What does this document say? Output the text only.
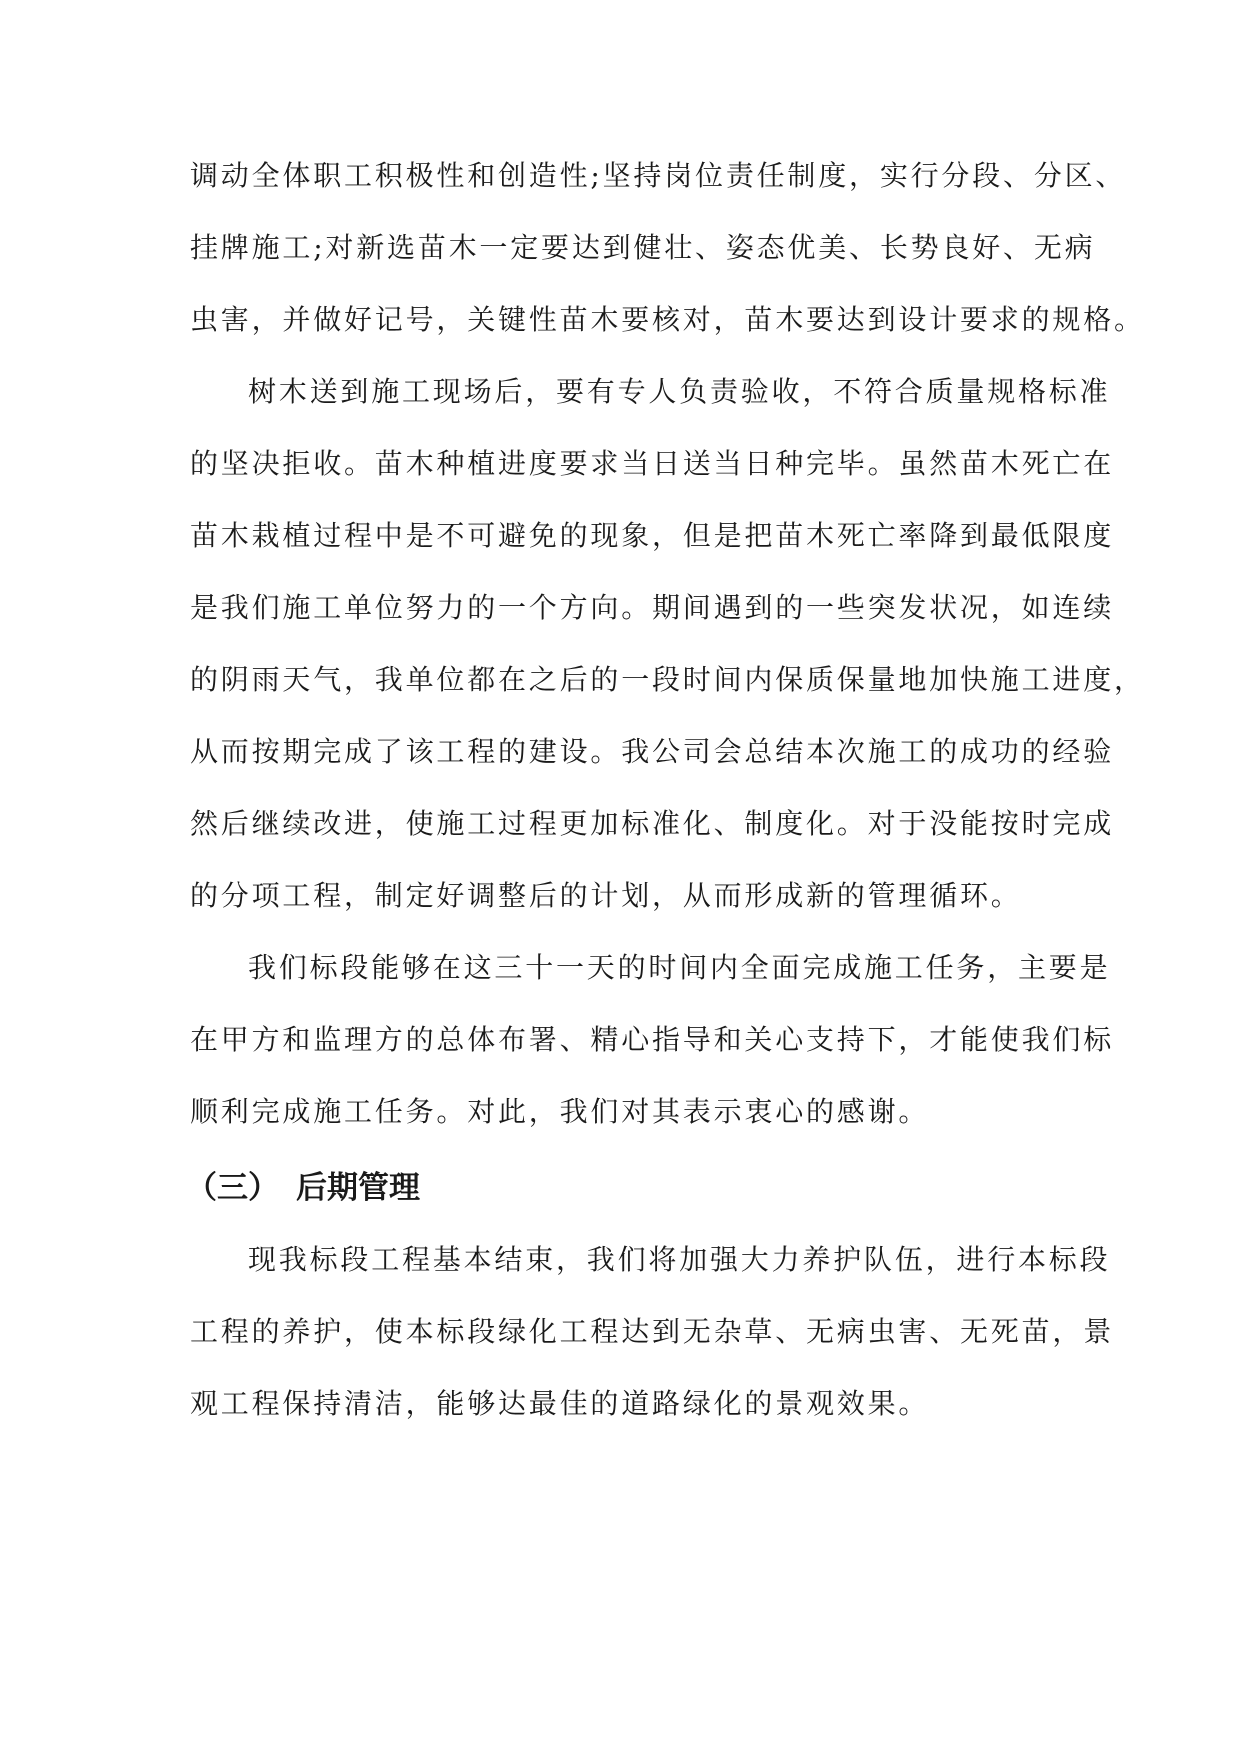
调动全体职工积极性和创造性;坚持岗位责任制度，实行分段、分区、
挂牌施工;对新选苗木一定要达到健壮、姿态优美、长势良好、无病
虫害，并做好记号，关键性苗木要核对，苗木要达到设计要求的规格。
树木送到施工现场后，要有专人负责验收，不符合质量规格标准
的坚决拒收。苗木种植进度要求当日送当日种完毕。虽然苗木死亡在
苗木栽植过程中是不可避免的现象，但是把苗木死亡率降到最低限度
是我们施工单位努力的一个方向。期间遇到的一些突发状况，如连续
的阴雨天气，我单位都在之后的一段时间内保质保量地加快施工进度，
从而按期完成了该工程的建设。我公司会总结本次施工的成功的经验
然后继续改进，使施工过程更加标准化、制度化。对于没能按时完成
的分项工程，制定好调整后的计划，从而形成新的管理循环。
我们标段能够在这三十一天的时间内全面完成施工任务，主要是
在甲方和监理方的总体布署、精心指导和关心支持下，才能使我们标
顺利完成施工任务。对此，我们对其表示衷心的感谢。
（三） 后期管理
现我标段工程基本结束，我们将加强大力养护队伍，进行本标段
工程的养护，使本标段绿化工程达到无杂草、无病虫害、无死苗，景
观工程保持清洁，能够达最佳的道路绿化的景观效果。
